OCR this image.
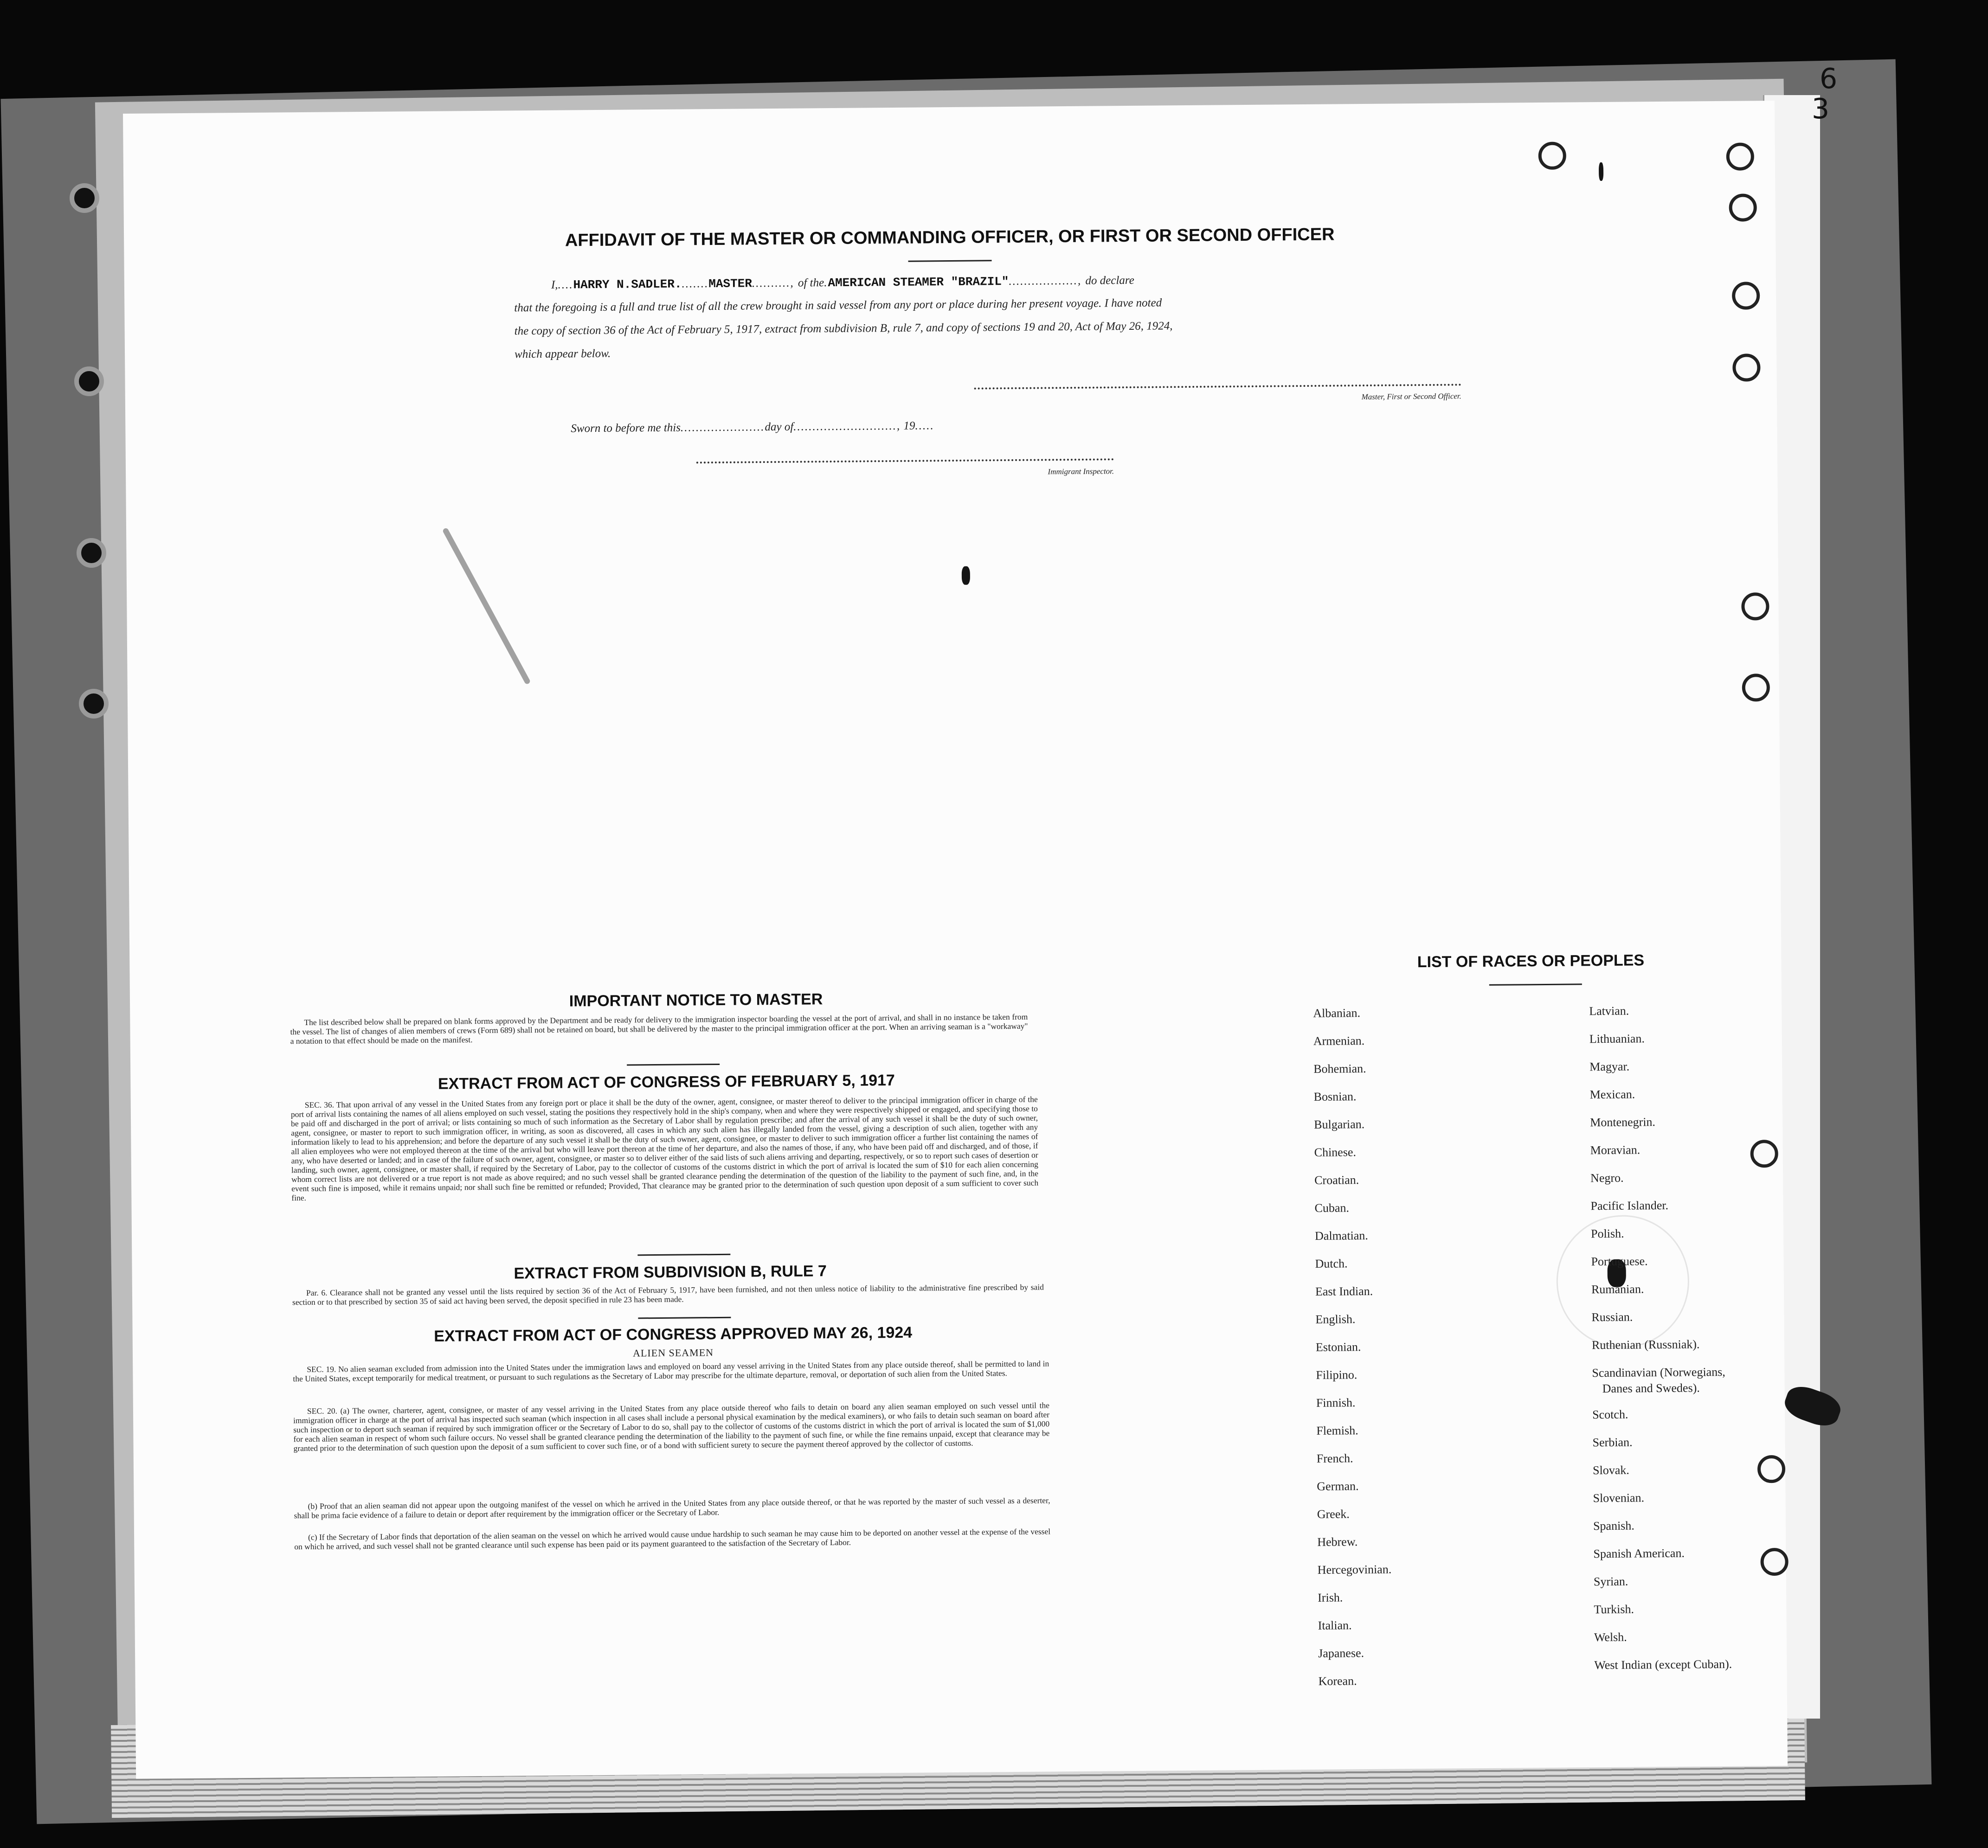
6
3
AFFIDAVIT OF THE MASTER OR COMMANDING OFFICER, OR FIRST OR SECOND OFFICER
I,....HARRY N.SADLER........MASTER.........., of the.AMERICAN STEAMER "BRAZIL".................., do declare
that the foregoing is a full and true list of all the crew brought in said vessel from any port or place during her present voyage. I have noted
the copy of section 36 of the Act of February 5, 1917, extract from subdivision B, rule 7, and copy of sections 19 and 20, Act of May 26, 1924,
which appear below.
Master, First or Second Officer.
Sworn to before me this......................day of..........................., 19.....
Immigrant Inspector.
IMPORTANT NOTICE TO MASTER

The list described below shall be prepared on blank forms approved by the Department and be ready for delivery to the immigration inspector boarding the vessel at the port of arrival, and shall in no instance be taken from the vessel. The list of changes of alien members of crews (Form 689) shall not be retained on board, but shall be delivered by the master to the principal immigration officer at the port. When an arriving seaman is a "workaway" a notation to that effect should be made on the manifest.

EXTRACT FROM ACT OF CONGRESS OF FEBRUARY 5, 1917

SEC. 36. That upon arrival of any vessel in the United States from any foreign port or place it shall be the duty of the owner, agent, consignee, or master thereof to deliver to the principal immigration officer in charge of the port of arrival lists containing the names of all aliens employed on such vessel, stating the positions they respectively hold in the ship's company, when and where they were respectively shipped or engaged, and specifying those to be paid off and discharged in the port of arrival; or lists containing so much of such information as the Secretary of Labor shall by regulation prescribe; and after the arrival of any such vessel it shall be the duty of such owner, agent, consignee, or master to report to such immigration officer, in writing, as soon as discovered, all cases in which any such alien has illegally landed from the vessel, giving a description of such alien, together with any information likely to lead to his apprehension; and before the departure of any such vessel it shall be the duty of such owner, agent, consignee, or master to deliver to such immigration officer a further list containing the names of all alien employees who were not employed thereon at the time of the arrival but who will leave port thereon at the time of her departure, and also the names of those, if any, who have been paid off and discharged, and of those, if any, who have deserted or landed; and in case of the failure of such owner, agent, consignee, or master so to deliver either of the said lists of such aliens arriving and departing, respectively, or so to report such cases of desertion or landing, such owner, agent, consignee, or master shall, if required by the Secretary of Labor, pay to the collector of customs of the customs district in which the port of arrival is located the sum of $10 for each alien concerning whom correct lists are not delivered or a true report is not made as above required; and no such vessel shall be granted clearance pending the determination of the question of the liability to the payment of such fine, and, in the event such fine is imposed, while it remains unpaid; nor shall such fine be remitted or refunded; Provided, That clearance may be granted prior to the determination of such question upon deposit of a sum sufficient to cover such fine.

EXTRACT FROM SUBDIVISION B, RULE 7

Par. 6. Clearance shall not be granted any vessel until the lists required by section 36 of the Act of February 5, 1917, have been furnished, and not then unless notice of liability to the administrative fine prescribed by said section or to that prescribed by section 35 of said act having been served, the deposit specified in rule 23 has been made.

EXTRACT FROM ACT OF CONGRESS APPROVED MAY 26, 1924
ALIEN SEAMEN

SEC. 19. No alien seaman excluded from admission into the United States under the immigration laws and employed on board any vessel arriving in the United States from any place outside thereof, shall be permitted to land in the United States, except temporarily for medical treatment, or pursuant to such regulations as the Secretary of Labor may prescribe for the ultimate departure, removal, or deportation of such alien from the United States.

SEC. 20. (a) The owner, charterer, agent, consignee, or master of any vessel arriving in the United States from any place outside thereof who fails to detain on board any alien seaman employed on such vessel until the immigration officer in charge at the port of arrival has inspected such seaman (which inspection in all cases shall include a personal physical examination by the medical examiners), or who fails to detain such seaman on board after such inspection or to deport such seaman if required by such immigration officer or the Secretary of Labor to do so, shall pay to the collector of customs of the customs district in which the port of arrival is located the sum of $1,000 for each alien seaman in respect of whom such failure occurs. No vessel shall be granted clearance pending the determination of the liability to the payment of such fine, or while the fine remains unpaid, except that clearance may be granted prior to the determination of such question upon the deposit of a sum sufficient to cover such fine, or of a bond with sufficient surety to secure the payment thereof approved by the collector of customs.

(b) Proof that an alien seaman did not appear upon the outgoing manifest of the vessel on which he arrived in the United States from any place outside thereof, or that he was reported by the master of such vessel as a deserter, shall be prima facie evidence of a failure to detain or deport after requirement by the immigration officer or the Secretary of Labor.

(c) If the Secretary of Labor finds that deportation of the alien seaman on the vessel on which he arrived would cause undue hardship to such seaman he may cause him to be deported on another vessel at the expense of the vessel on which he arrived, and such vessel shall not be granted clearance until such expense has been paid or its payment guaranteed to the satisfaction of the Secretary of Labor.

LIST OF RACES OR PEOPLES
Albanian.
Armenian.
Bohemian.
Bosnian.
Bulgarian.
Chinese.
Croatian.
Cuban.
Dalmatian.
Dutch.
East Indian.
English.
Estonian.
Filipino.
Finnish.
Flemish.
French.
German.
Greek.
Hebrew.
Hercegovinian.
Irish.
Italian.
Japanese.
Korean.
Latvian.
Lithuanian.
Magyar.
Mexican.
Montenegrin.
Moravian.
Negro.
Pacific Islander.
Polish.
Portuguese.
Rumanian.
Russian.
Ruthenian (Russniak).
Scandinavian (Norwegians,
Danes and Swedes).
Scotch.
Serbian.
Slovak.
Slovenian.
Spanish.
Spanish American.
Syrian.
Turkish.
Welsh.
West Indian (except Cuban).
